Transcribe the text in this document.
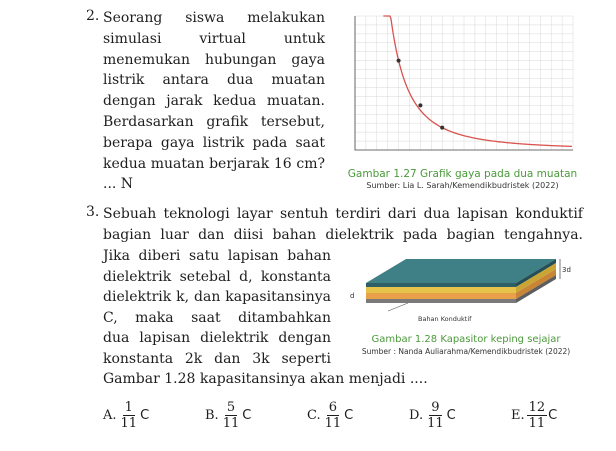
2. Seorang siswa melakukan
simulasi virtual untuk
menemukan hubungan gaya
listrik antara dua muatan
dengan jarak kedua muatan.
Berdasarkan grafik tersebut,
berapa gaya listrik pada saat
kedua muatan berjarak 16 cm?
... N
Gambar 1.27 Grafik gaya pada dua muatan
Sumber: Lia L. Sarah/Kemendikbudristek (2022)
3. Sebuah teknologi layar sentuh terdiri dari dua lapisan konduktif
bagian luar dan diisi bahan dielektrik pada bagian tengahnya.
Jika diberi satu lapisan bahan
dielektrik setebal d, konstanta
dielektrik k, dan kapasitansinya
C, maka saat ditambahkan
dua lapisan dielektrik dengan
konstanta 2k dan 3k seperti
Gambar 1.28 kapasitansinya akan menjadi ....
3d
d
Bahan Konduktif
Gambar 1.28 Kapasitor keping sejajar
Sumber : Nanda Auliarahma/Kemendikbudristek (2022)
A. $\frac{1}{11}$ C	B. $\frac{5}{11}$ C	C. $\frac{6}{11}$ C	D. $\frac{9}{11}$ C	E. $\frac{12}{11}$ C
